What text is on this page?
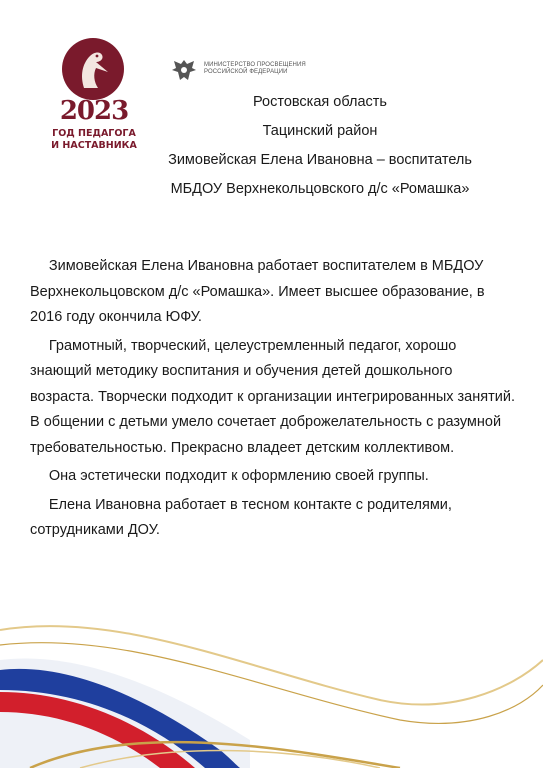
2023
ГОД ПЕДАГОГА
И НАСТАВНИКА
МИНИСТЕРСТВО ПРОСВЕЩЕНИЯ
РОССИЙСКОЙ ФЕДЕРАЦИИ
Ростовская область
Тацинский район
Зимовейская Елена Ивановна – воспитатель
МБДОУ Верхнекольцовского д/с «Ромашка»

Зимовейская Елена Ивановна работает воспитателем в МБДОУ Верхнекольцовском д/с «Ромашка». Имеет высшее образование, в 2016 году окончила ЮФУ.

Грамотный, творческий, целеустремленный педагог, хорошо знающий методику воспитания и обучения детей дошкольного возраста. Творчески подходит к организации интегрированных занятий. В общении с детьми умело сочетает доброжелательность с разумной требовательностью. Прекрасно владеет детским коллективом.

Она эстетически подходит к оформлению своей группы.

Елена Ивановна работает в тесном контакте с родителями, сотрудниками ДОУ.
